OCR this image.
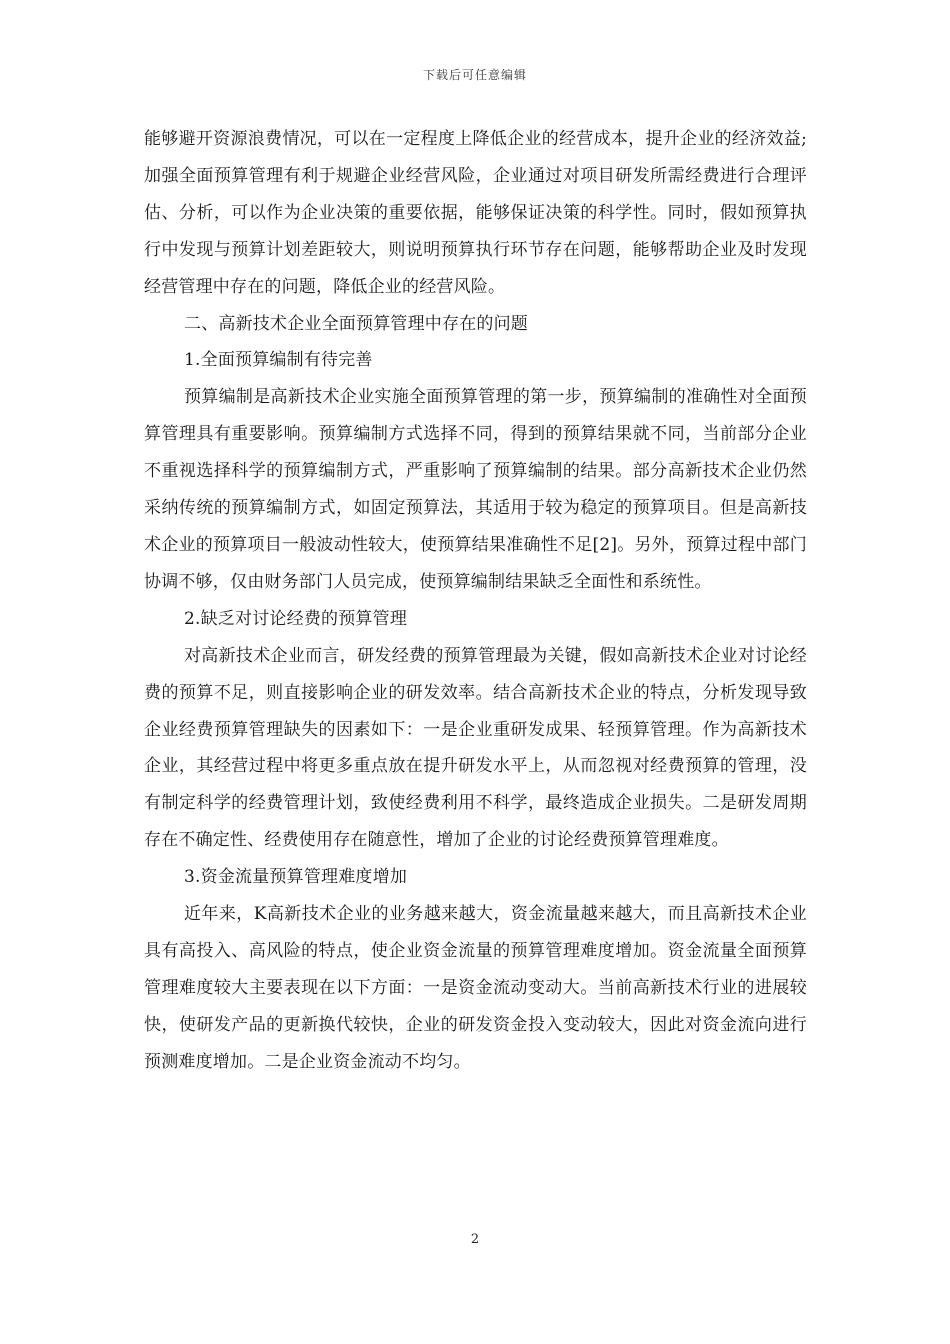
下载后可任意编辑

能够避开资源浪费情况，可以在一定程度上降低企业的经营成本，提升企业的经济效益;加强全面预算管理有利于规避企业经营风险，企业通过对项目研发所需经费进行合理评估、分析，可以作为企业决策的重要依据，能够保证决策的科学性。同时，假如预算执行中发现与预算计划差距较大，则说明预算执行环节存在问题，能够帮助企业及时发现经营管理中存在的问题，降低企业的经营风险。

二、高新技术企业全面预算管理中存在的问题

1.全面预算编制有待完善

预算编制是高新技术企业实施全面预算管理的第一步，预算编制的准确性对全面预算管理具有重要影响。预算编制方式选择不同，得到的预算结果就不同，当前部分企业不重视选择科学的预算编制方式，严重影响了预算编制的结果。部分高新技术企业仍然采纳传统的预算编制方式，如固定预算法，其适用于较为稳定的预算项目。但是高新技术企业的预算项目一般波动性较大，使预算结果准确性不足[2]。另外，预算过程中部门协调不够，仅由财务部门人员完成，使预算编制结果缺乏全面性和系统性。

2.缺乏对讨论经费的预算管理

对高新技术企业而言，研发经费的预算管理最为关键，假如高新技术企业对讨论经费的预算不足，则直接影响企业的研发效率。结合高新技术企业的特点，分析发现导致企业经费预算管理缺失的因素如下：一是企业重研发成果、轻预算管理。作为高新技术企业，其经营过程中将更多重点放在提升研发水平上，从而忽视对经费预算的管理，没有制定科学的经费管理计划，致使经费利用不科学，最终造成企业损失。二是研发周期存在不确定性、经费使用存在随意性，增加了企业的讨论经费预算管理难度。

3.资金流量预算管理难度增加

近年来，K高新技术企业的业务越来越大，资金流量越来越大，而且高新技术企业具有高投入、高风险的特点，使企业资金流量的预算管理难度增加。资金流量全面预算管理难度较大主要表现在以下方面：一是资金流动变动大。当前高新技术行业的进展较快，使研发产品的更新换代较快，企业的研发资金投入变动较大，因此对资金流向进行预测难度增加。二是企业资金流动不均匀。

2
